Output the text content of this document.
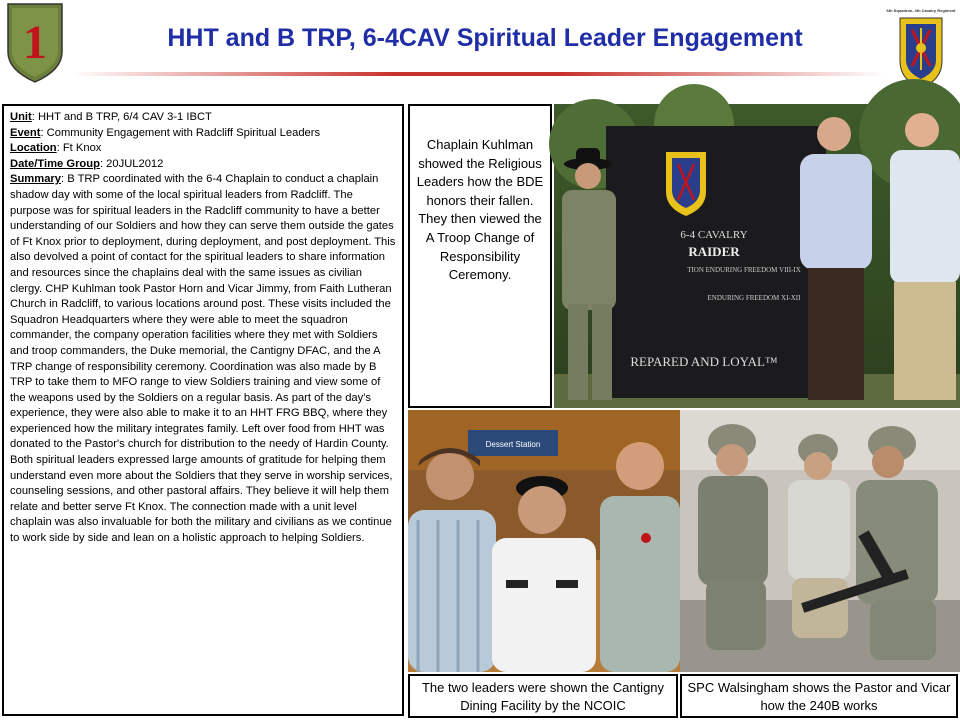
1	HHT and B TRP, 6-4CAV Spiritual Leader Engagement
6th Squadron, 4th Cavalry Regiment
Unit: HHT and B TRP, 6/4 CAV 3-1 IBCT
Event: Community Engagement with Radcliff Spiritual Leaders
Location: Ft Knox
Date/Time Group: 20JUL2012
Summary: B TRP coordinated with the 6-4 Chaplain to conduct a chaplain shadow day with some of the local spiritual leaders from Radcliff. The purpose was for spiritual leaders in the Radcliff community to have a better understanding of our Soldiers and how they can serve them outside the gates of Ft Knox prior to deployment, during deployment, and post deployment. This also devolved a point of contact for the spiritual leaders to share information and resources since the chaplains deal with the same issues as civilian clergy. CHP Kuhlman took Pastor Horn and Vicar Jimmy, from Faith Lutheran Church in Radcliff, to various locations around post. These visits included the Squadron Headquarters where they were able to meet the squadron commander, the company operation facilities where they met with Soldiers and troop commanders, the Duke memorial, the Cantigny DFAC, and the A TRP change of responsibility ceremony. Coordination was also made by B TRP to take them to MFO range to view Soldiers training and view some of the weapons used by the Soldiers on a regular basis. As part of the day's experience, they were also able to make it to an HHT FRG BBQ, where they experienced how the military integrates family. Left over food from HHT was donated to the Pastor's church for distribution to the needy of Hardin County. Both spiritual leaders expressed large amounts of gratitude for helping them understand even more about the Soldiers that they serve in worship services, counseling sessions, and other pastoral affairs. They believe it will help them relate and better serve Ft Knox. The connection made with a unit level chaplain was also invaluable for both the military and civilians as we continue to work side by side and lean on a holistic approach to helping Soldiers.
Chaplain Kuhlman showed the Religious Leaders how the BDE honors their fallen. They then viewed the A Troop Change of Responsibility Ceremony.
6-4 CAVALRY
RAIDER
TION ENDURING FREEDOM VIII-IX
ENDURING FREEDOM XI-XII
REPARED AND LOYAL™
Dessert Station
The two leaders were shown the Cantigny Dining Facility by the NCOIC
SPC Walsingham shows the Pastor and Vicar how the 240B works
